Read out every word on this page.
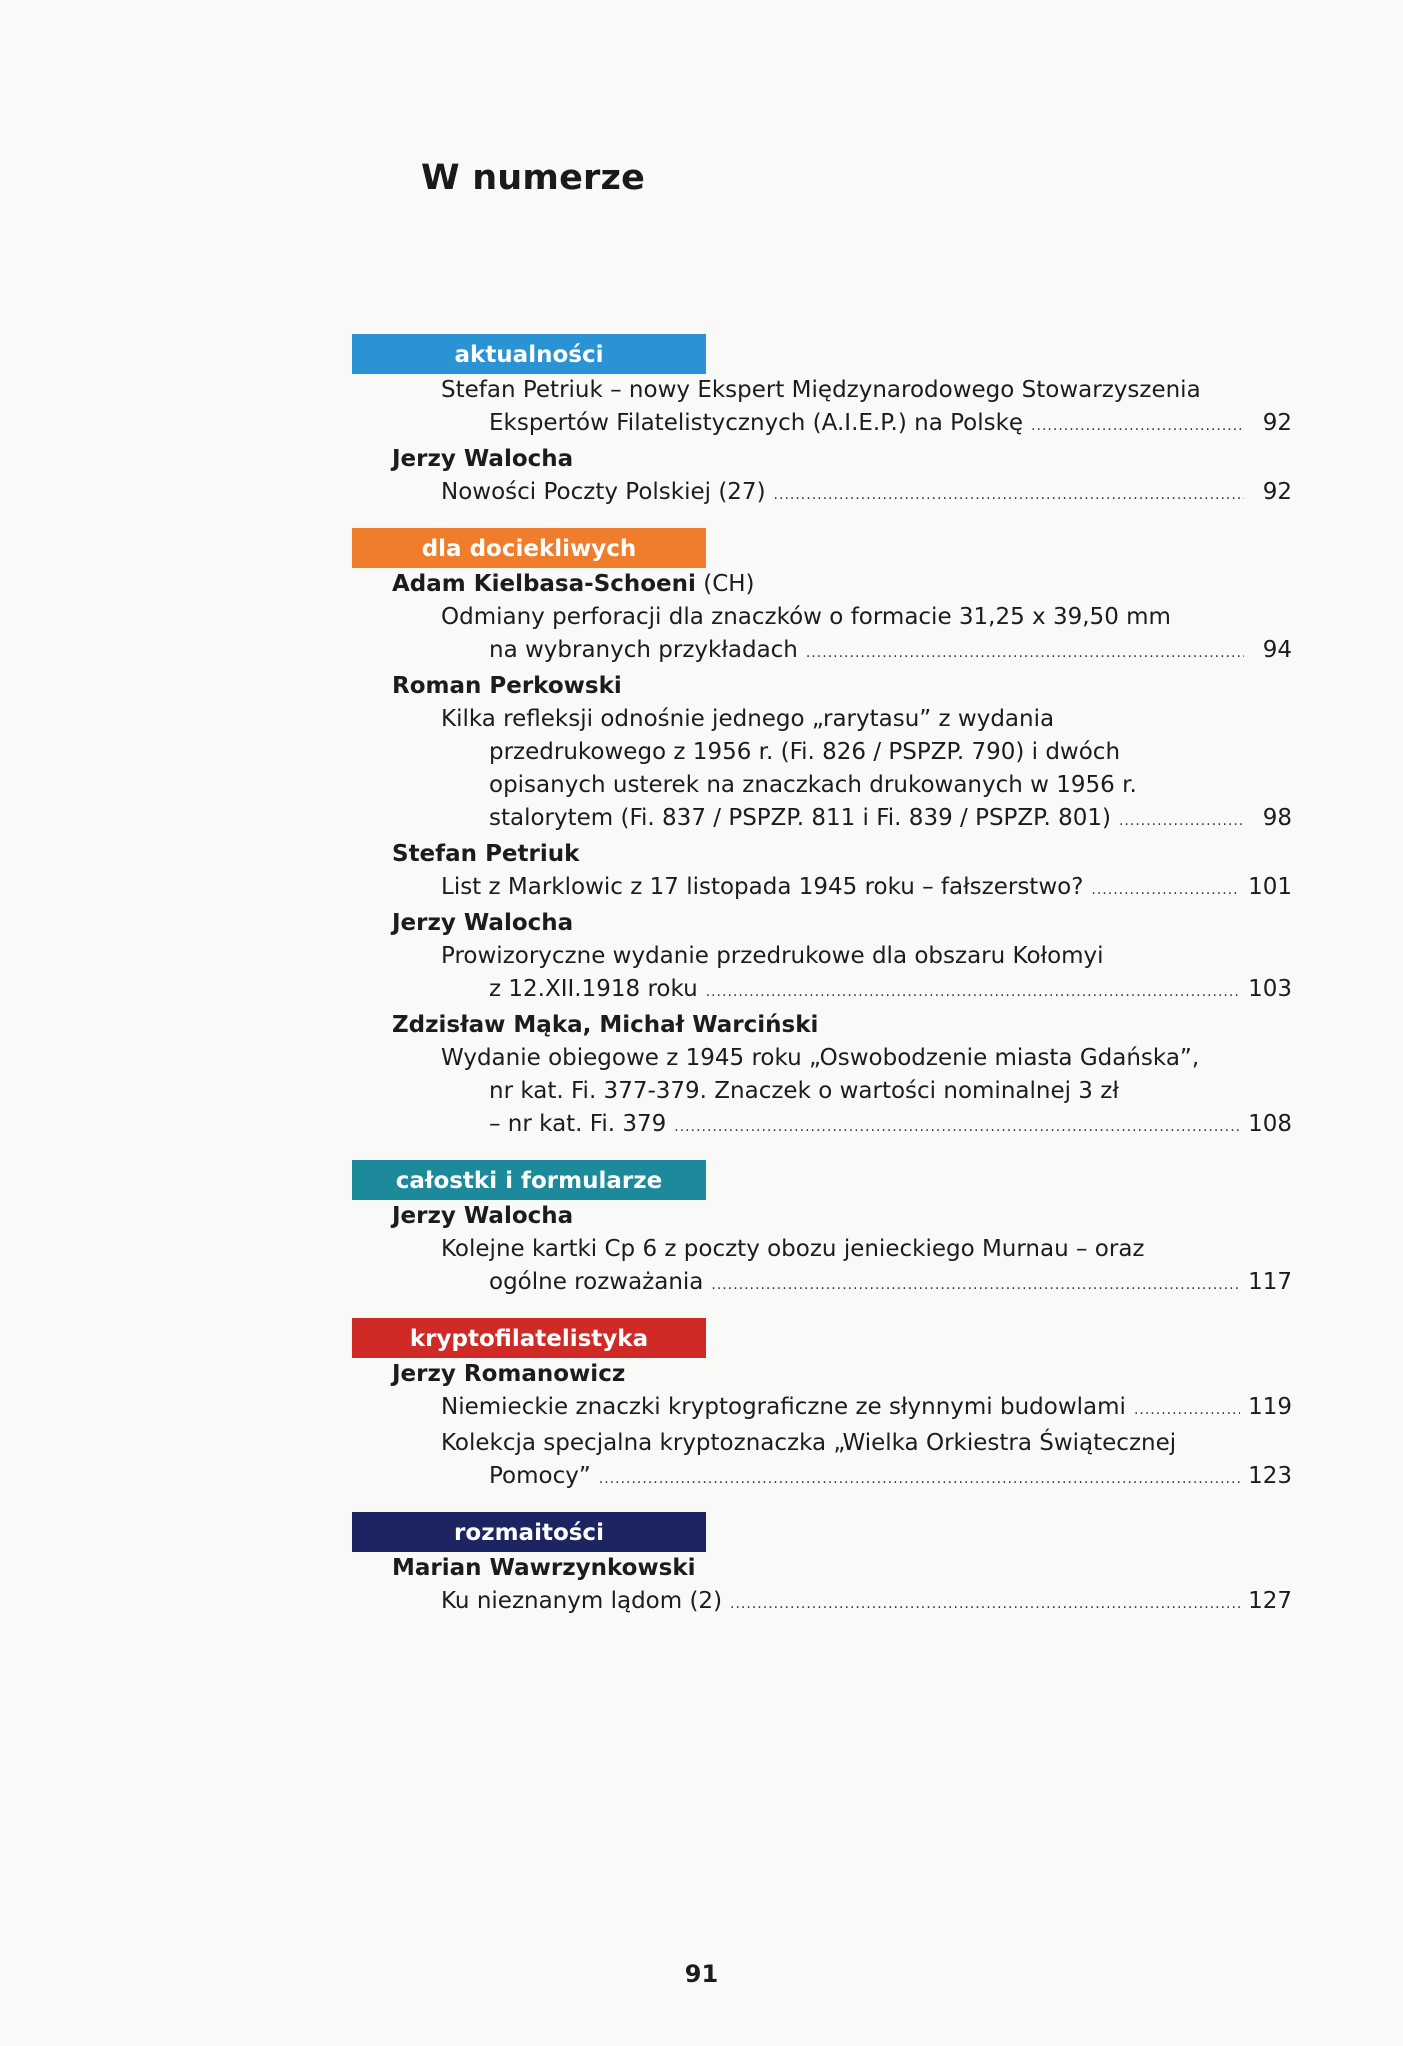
W numerze
aktualności
Stefan Petriuk – nowy Ekspert Międzynarodowego Stowarzyszenia
Ekspertów Filatelistycznych (A.I.E.P.) na Polskę .....	92
Jerzy Walocha
Nowości Poczty Polskiej (27) .....	92
dla dociekliwych
Adam Kielbasa-Schoeni (CH)
Odmiany perforacji dla znaczków o formacie 31,25 x 39,50 mm
na wybranych przykładach .....	94
Roman Perkowski
Kilka refleksji odnośnie jednego „rarytasu” z wydania
przedrukowego z 1956 r. (Fi. 826 / PSPZP. 790) i dwóch
opisanych usterek na znaczkach drukowanych w 1956 r.
stalorytem (Fi. 837 / PSPZP. 811 i Fi. 839 / PSPZP. 801) .....	98
Stefan Petriuk
List z Marklowic z 17 listopada 1945 roku – fałszerstwo? .....	101
Jerzy Walocha
Prowizoryczne wydanie przedrukowe dla obszaru Kołomyi
z 12.XII.1918 roku .....	103
Zdzisław Mąka, Michał Warciński
Wydanie obiegowe z 1945 roku „Oswobodzenie miasta Gdańska”,
nr kat. Fi. 377-379. Znaczek o wartości nominalnej 3 zł
– nr kat. Fi. 379 .....	108
całostki i formularze
Jerzy Walocha
Kolejne kartki Cp 6 z poczty obozu jenieckiego Murnau – oraz
ogólne rozważania .....	117
kryptofilatelistyka
Jerzy Romanowicz
Niemieckie znaczki kryptograficzne ze słynnymi budowlami .....	119
Kolekcja specjalna kryptoznaczka „Wielka Orkiestra Świątecznej
Pomocy” .....	123
rozmaitości
Marian Wawrzynkowski
Ku nieznanym lądom (2) .....	127
91
